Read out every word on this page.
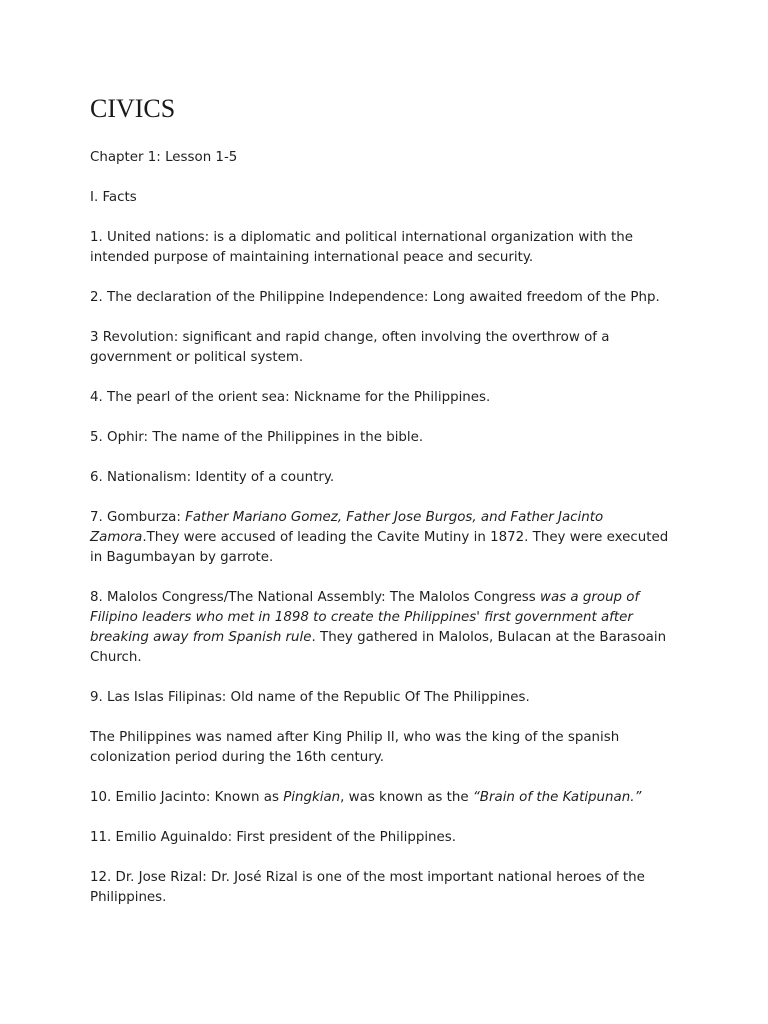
CIVICS

Chapter 1: Lesson 1-5

I. Facts

1. United nations: is a diplomatic and political international organization with the intended purpose of maintaining international peace and security.

2. The declaration of the Philippine Independence: Long awaited freedom of the Php.

3 Revolution: significant and rapid change, often involving the overthrow of a government or political system.

4. The pearl of the orient sea: Nickname for the Philippines.

5. Ophir: The name of the Philippines in the bible.

6. Nationalism: Identity of a country.

7. Gomburza: Father Mariano Gomez, Father Jose Burgos, and Father Jacinto Zamora.They were accused of leading the Cavite Mutiny in 1872. They were executed in Bagumbayan by garrote.

8. Malolos Congress/The National Assembly: The Malolos Congress was a group of Filipino leaders who met in 1898 to create the Philippines' first government after breaking away from Spanish rule. They gathered in Malolos, Bulacan at the Barasoain Church.

9. Las Islas Filipinas: Old name of the Republic Of The Philippines.

The Philippines was named after King Philip II, who was the king of the spanish colonization period during the 16th century.

10. Emilio Jacinto: Known as Pingkian, was known as the “Brain of the Katipunan.”

11. Emilio Aguinaldo: First president of the Philippines.

12. Dr. Jose Rizal: Dr. José Rizal is one of the most important national heroes of the Philippines.
